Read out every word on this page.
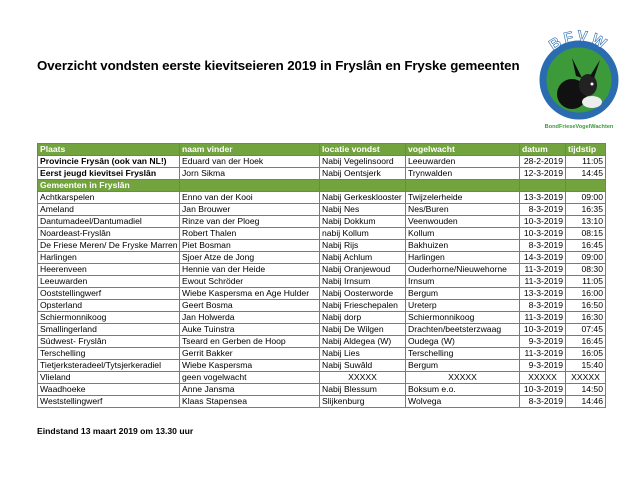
Overzicht vondsten eerste kievitseieren 2019 in Fryslân en Fryske gemeenten
BFVW
BondFrieseVogelWachten
Plaats	naam vinder	locatie vondst	vogelwacht	datum	tijdstip
Provincie Frysân (ook van NL!)	Eduard van der Hoek	Nabij Vegelinsoord	Leeuwarden	28-2-2019	11:05
Eerst jeugd kievitsei Fryslân	Jorn Sikma	Nabij Oentsjerk	Trynwalden	12-3-2019	14:45
Gemeenten in Fryslân					
Achtkarspelen	Enno van der Kooi	Nabij Gerkesklooster	Twijzelerheide	13-3-2019	09:00
Ameland	Jan Brouwer	Nabij Nes	Nes/Buren	8-3-2019	16:35
Dantumadeel/Dantumadiel	Rinze van der Ploeg	Nabij Dokkum	Veenwouden	10-3-2019	13:10
Noardeast-Fryslân	Robert Thalen	nabij Kollum	Kollum	10-3-2019	08:15
De Friese Meren/ De Fryske Marren	Piet Bosman	Nabij Rijs	Bakhuizen	8-3-2019	16:45
Harlingen	Sjoer Atze de Jong	Nabij Achlum	Harlingen	14-3-2019	09:00
Heerenveen	Hennie van der Heide	Nabij Oranjewoud	Ouderhorne/Nieuwehorne	11-3-2019	08:30
Leeuwarden	Ewout Schröder	Nabij Irnsum	Irnsum	11-3-2019	11:05
Ooststellingwerf	Wiebe Kaspersma en Age Hulder	Nabij Oosterworde	Bergum	13-3-2019	16:00
Opsterland	Geert Bosma	Nabij Frieschepalen	Ureterp	8-3-2019	16:50
Schiermonnikoog	Jan Holwerda	Nabij dorp	Schiermonnikoog	11-3-2019	16:30
Smallingerland	Auke Tuinstra	Nabij De Wilgen	Drachten/beetsterzwaag	10-3-2019	07:45
Súdwest- Fryslân	Tseard en Gerben de Hoop	Nabij Aldegea (W)	Oudega (W)	9-3-2019	16:45
Terschelling	Gerrit Bakker	Nabij Lies	Terschelling	11-3-2019	16:05
Tietjerksteradeel/Tytsjerkeradiel	Wiebe Kaspersma	Nabij Suwâld	Bergum	9-3-2019	15:40
Vlieland	geen vogelwacht	XXXXX	XXXXX	XXXXX	XXXXX
Waadhoeke	Anne Jansma	Nabij Blessum	Boksum e.o.	10-3-2019	14:50
Weststellingwerf	Klaas Stapensea	Slijkenburg	Wolvega	8-3-2019	14:46
Eindstand 13 maart 2019 om 13.30 uur
